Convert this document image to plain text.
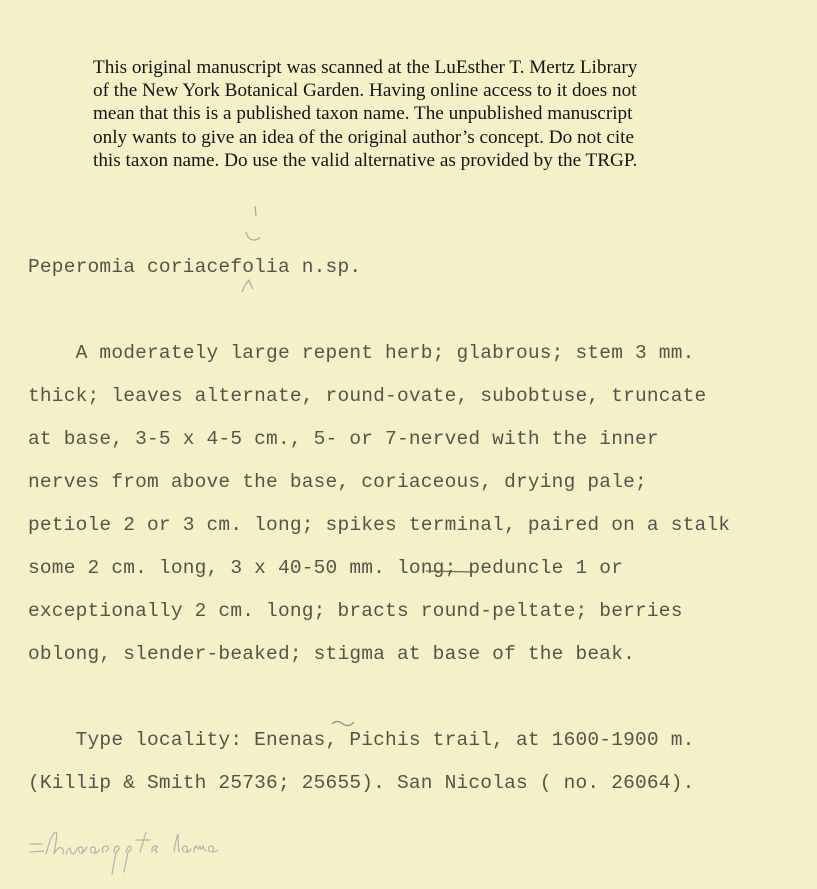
This original manuscript was scanned at the LuEsther T. Mertz Library
of the New York Botanical Garden. Having online access to it does not
mean that this is a published taxon name. The unpublished manuscript
only wants to give an idea of the original author’s concept. Do not cite
this taxon name. Do use the valid alternative as provided by the TRGP.
Peperomia coriacefolia n.sp.
A moderately large repent herb; glabrous; stem 3 mm.
thick; leaves alternate, round-ovate, subobtuse, truncate
at base, 3-5 x 4-5 cm., 5- or 7-nerved with the inner
nerves from above the base, coriaceous, drying pale;
petiole 2 or 3 cm. long; spikes terminal, paired on a stalk
some 2 cm. long, 3 x 40-50 mm. long; peduncle 1 or
exceptionally 2 cm. long; bracts round-peltate; berries
oblong, slender-beaked; stigma at base of the beak.
Type locality: Enenas, Pichis trail, at 1600-1900 m.
(Killip & Smith 25736; 25655). San Nicolas ( no. 26064).
